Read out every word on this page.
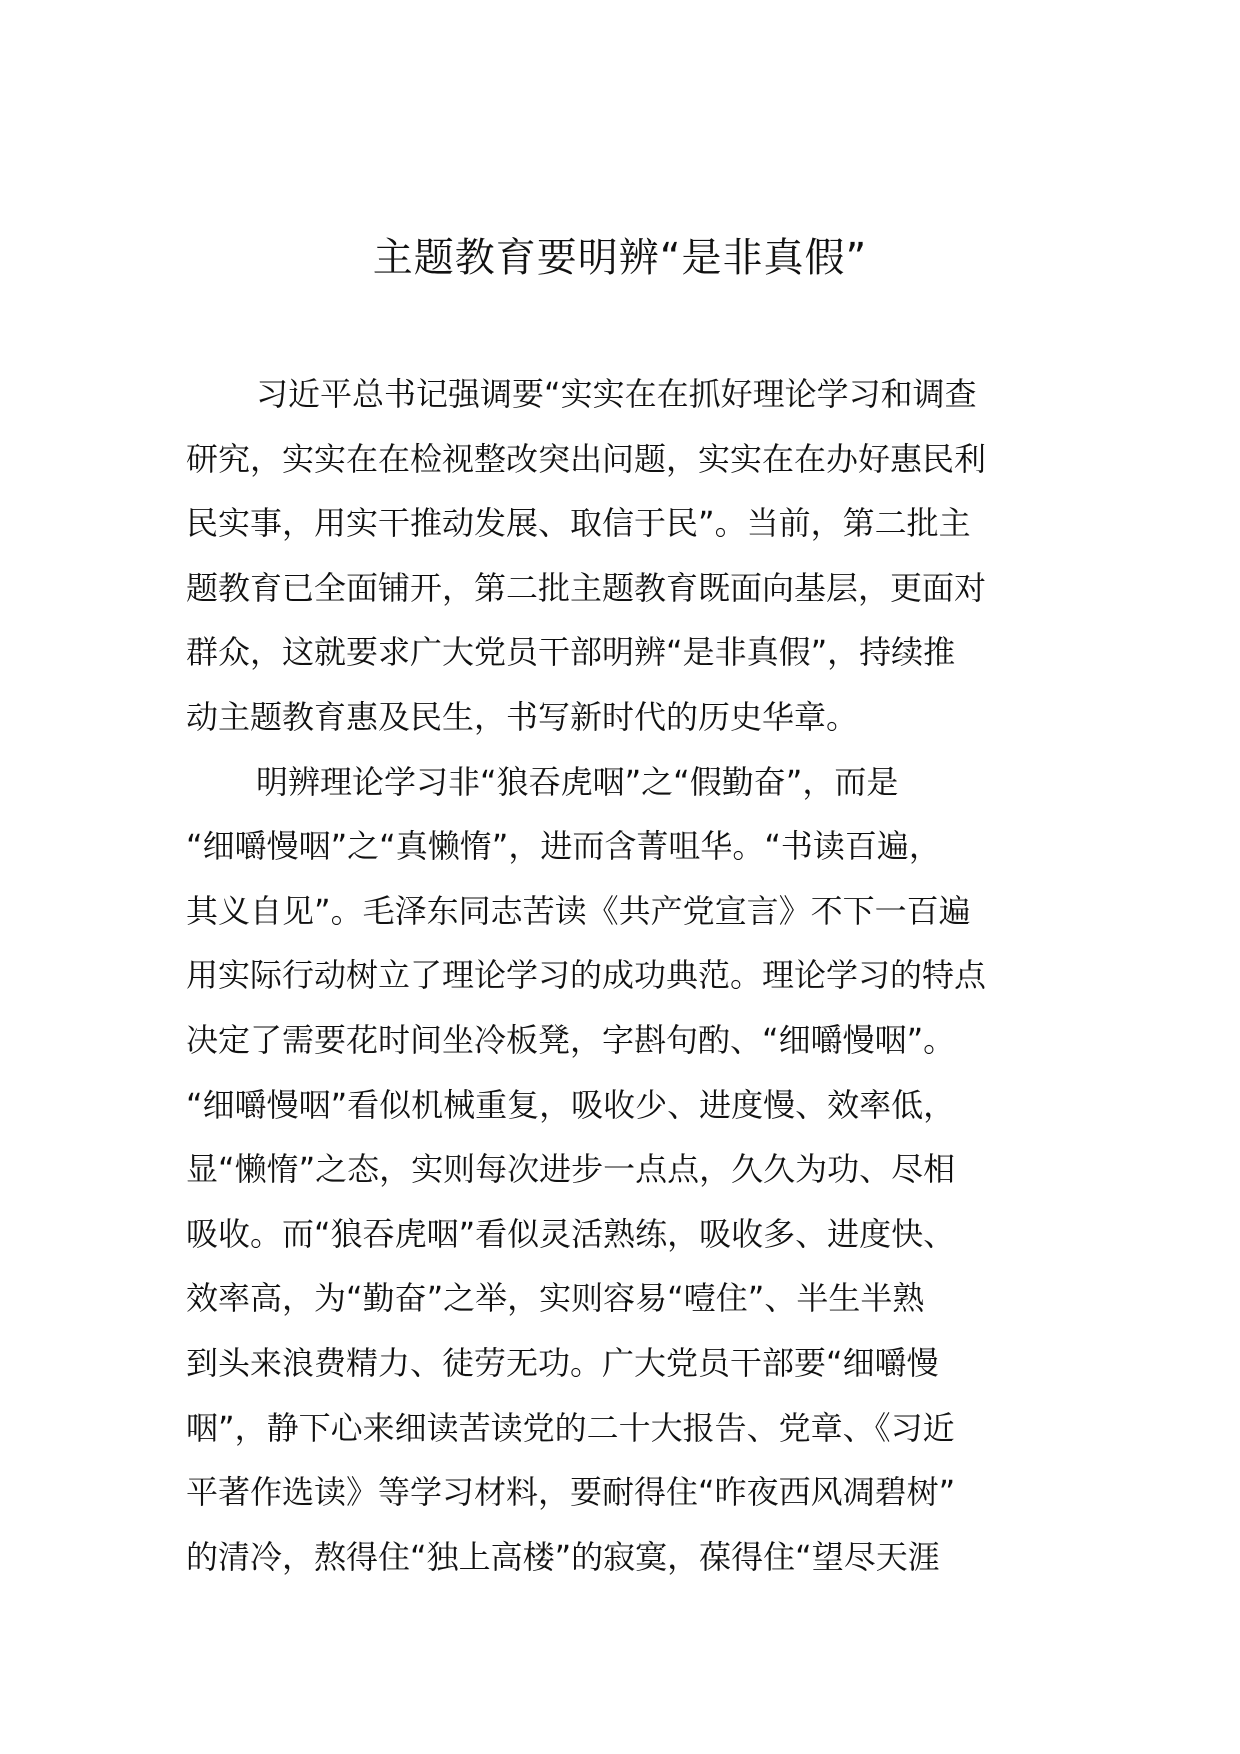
主题教育要明辨“是非真假”
习近平总书记强调要“实实在在抓好理论学习和调查
研究，实实在在检视整改突出问题，实实在在办好惠民利
民实事，用实干推动发展、取信于民”。当前，第二批主
题教育已全面铺开，第二批主题教育既面向基层，更面对
群众，这就要求广大党员干部明辨“是非真假”，持续推
动主题教育惠及民生，书写新时代的历史华章。
明辨理论学习非“狼吞虎咽”之“假勤奋”，而是
“细嚼慢咽”之“真懒惰”，进而含菁咀华。“书读百遍，
其义自见”。毛泽东同志苦读《共产党宣言》不下一百遍
用实际行动树立了理论学习的成功典范。理论学习的特点
决定了需要花时间坐冷板凳，字斟句酌、“细嚼慢咽”。
“细嚼慢咽”看似机械重复，吸收少、进度慢、效率低，
显“懒惰”之态，实则每次进步一点点，久久为功、尽相
吸收。而“狼吞虎咽”看似灵活熟练，吸收多、进度快、
效率高，为“勤奋”之举，实则容易“噎住”、半生半熟
到头来浪费精力、徒劳无功。广大党员干部要“细嚼慢
咽”，静下心来细读苦读党的二十大报告、党章、《习近
平著作选读》等学习材料，要耐得住“昨夜西风凋碧树”
的清冷，熬得住“独上高楼”的寂寞，葆得住“望尽天涯
